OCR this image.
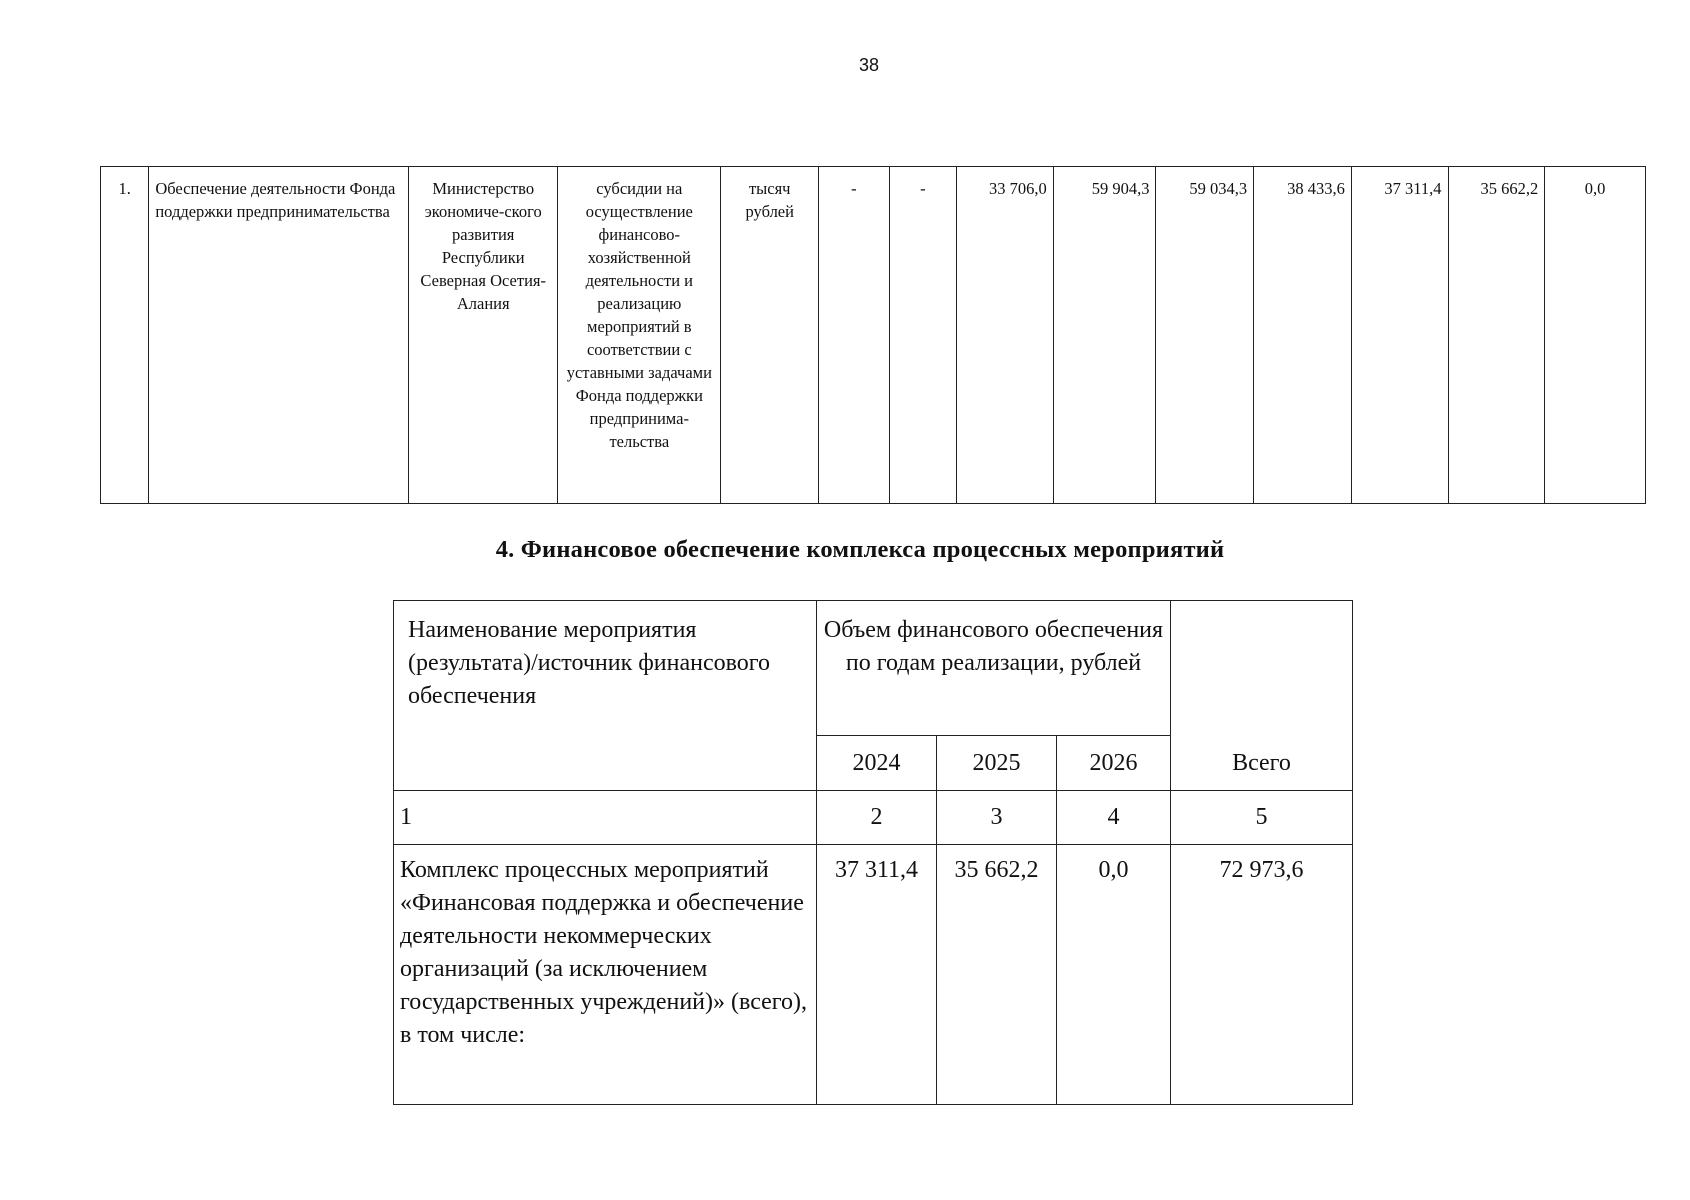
38
1.	Обеспечение деятельности Фонда поддержки предпринимательства	Министерство экономиче-ского развития Республики Северная Осетия-Алания	субсидии на осуществление финансово-хозяйственной деятельности и реализацию мероприятий в соответствии с уставными задачами Фонда поддержки предпринима-тельства	тысяч рублей	-	-	33 706,0	59 904,3	59 034,3	38 433,6	37 311,4	35 662,2	0,0
4. Финансовое обеспечение комплекса процессных мероприятий
Наименование мероприятия (результата)/источник финансового обеспечения	Объем финансового обеспечения по годам реализации, рублей			Всего
	2024	2025	2026	
1	2	3	4	5
Комплекс процессных мероприятий «Финансовая поддержка и обеспечение деятельности некоммерческих организаций (за исключением государственных учреждений)» (всего), в том числе:	37 311,4	35 662,2	0,0	72 973,6
